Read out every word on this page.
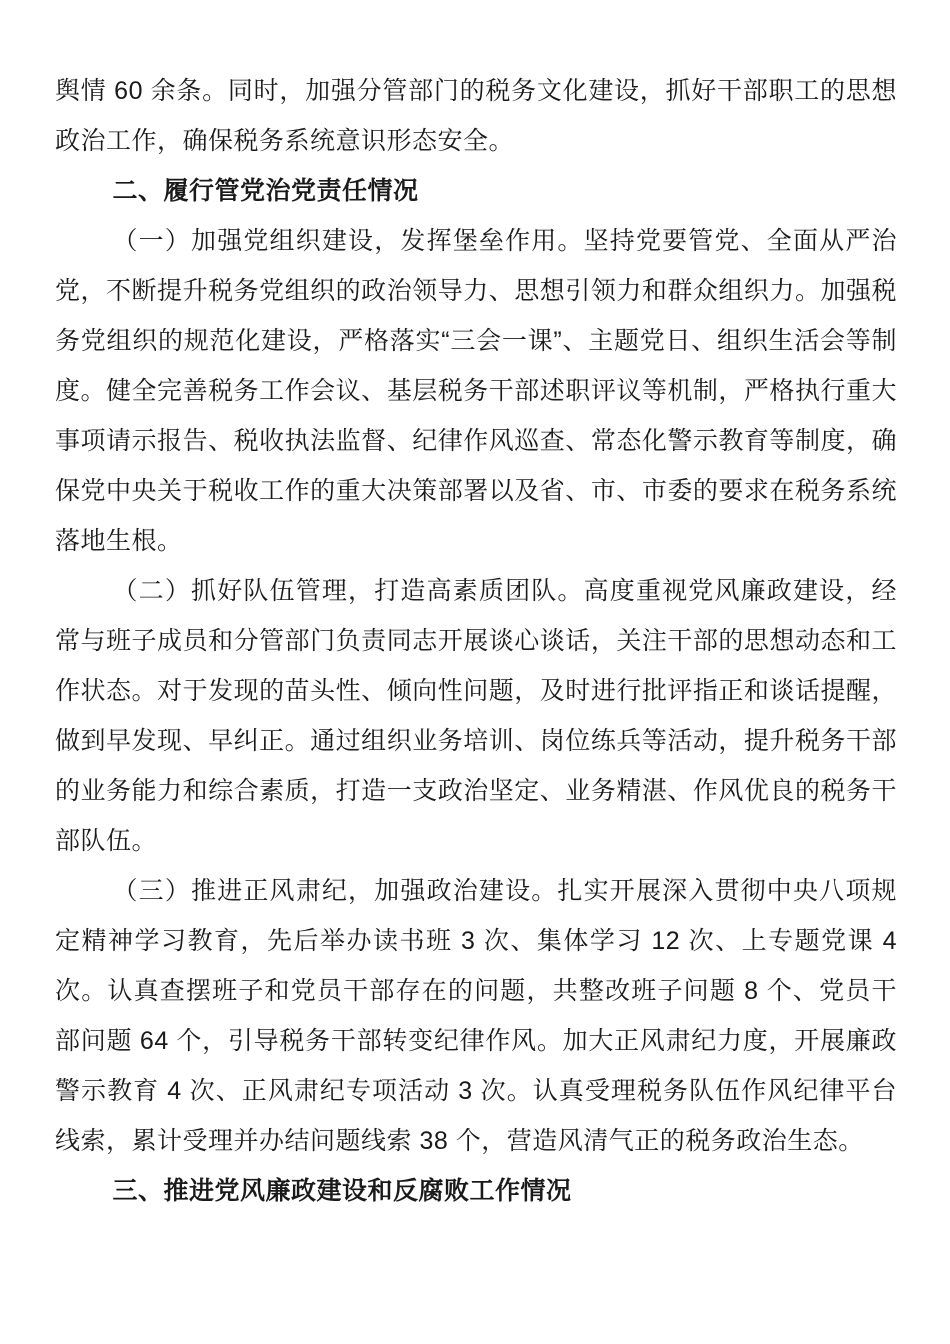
舆情 60 余条。同时，加强分管部门的税务文化建设，抓好干部职工的思想政治工作，确保税务系统意识形态安全。

二、履行管党治党责任情况

（一）加强党组织建设，发挥堡垒作用。坚持党要管党、全面从严治党，不断提升税务党组织的政治领导力、思想引领力和群众组织力。加强税务党组织的规范化建设，严格落实“三会一课”、主题党日、组织生活会等制度。健全完善税务工作会议、基层税务干部述职评议等机制，严格执行重大事项请示报告、税收执法监督、纪律作风巡查、常态化警示教育等制度，确保党中央关于税收工作的重大决策部署以及省、市、市委的要求在税务系统落地生根。

（二）抓好队伍管理，打造高素质团队。高度重视党风廉政建设，经常与班子成员和分管部门负责同志开展谈心谈话，关注干部的思想动态和工作状态。对于发现的苗头性、倾向性问题，及时进行批评指正和谈话提醒，做到早发现、早纠正。通过组织业务培训、岗位练兵等活动，提升税务干部的业务能力和综合素质，打造一支政治坚定、业务精湛、作风优良的税务干部队伍。

（三）推进正风肃纪，加强政治建设。扎实开展深入贯彻中央八项规定精神学习教育，先后举办读书班 3 次、集体学习 12 次、上专题党课 4 次。认真查摆班子和党员干部存在的问题，共整改班子问题 8 个、党员干部问题 64 个，引导税务干部转变纪律作风。加大正风肃纪力度，开展廉政警示教育 4 次、正风肃纪专项活动 3 次。认真受理税务队伍作风纪律平台线索，累计受理并办结问题线索 38 个，营造风清气正的税务政治生态。

三、推进党风廉政建设和反腐败工作情况
